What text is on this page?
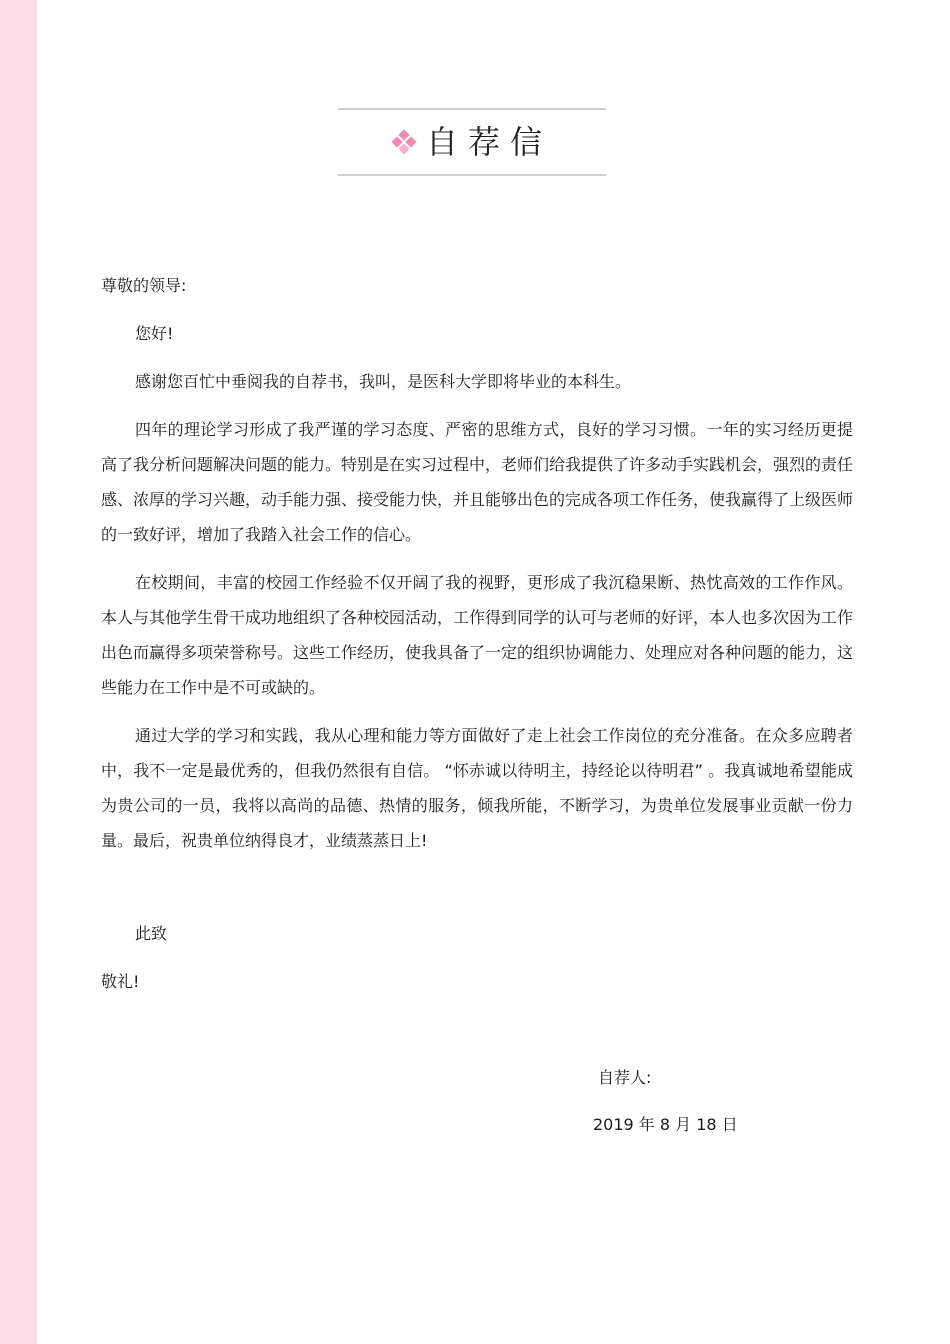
自荐信

尊敬的领导:

您好!

感谢您百忙中垂阅我的自荐书，我叫，是医科大学即将毕业的本科生。

四年的理论学习形成了我严谨的学习态度、严密的思维方式，良好的学习习惯。一年的实习经历更提高了我分析问题解决问题的能力。特别是在实习过程中，老师们给我提供了许多动手实践机会，强烈的责任感、浓厚的学习兴趣，动手能力强、接受能力快，并且能够出色的完成各项工作任务，使我赢得了上级医师的一致好评，增加了我踏入社会工作的信心。

在校期间，丰富的校园工作经验不仅开阔了我的视野，更形成了我沉稳果断、热忱高效的工作作风。本人与其他学生骨干成功地组织了各种校园活动，工作得到同学的认可与老师的好评，本人也多次因为工作出色而赢得多项荣誉称号。这些工作经历，使我具备了一定的组织协调能力、处理应对各种问题的能力，这些能力在工作中是不可或缺的。

通过大学的学习和实践，我从心理和能力等方面做好了走上社会工作岗位的充分准备。在众多应聘者中，我不一定是最优秀的，但我仍然很有自信。 “怀赤诚以待明主，持经论以待明君” 。我真诚地希望能成为贵公司的一员，我将以高尚的品德、热情的服务，倾我所能，不断学习，为贵单位发展事业贡献一份力量。最后，祝贵单位纳得良才，业绩蒸蒸日上!

此致
敬礼!
自荐人:
2019 年 8 月 18 日
